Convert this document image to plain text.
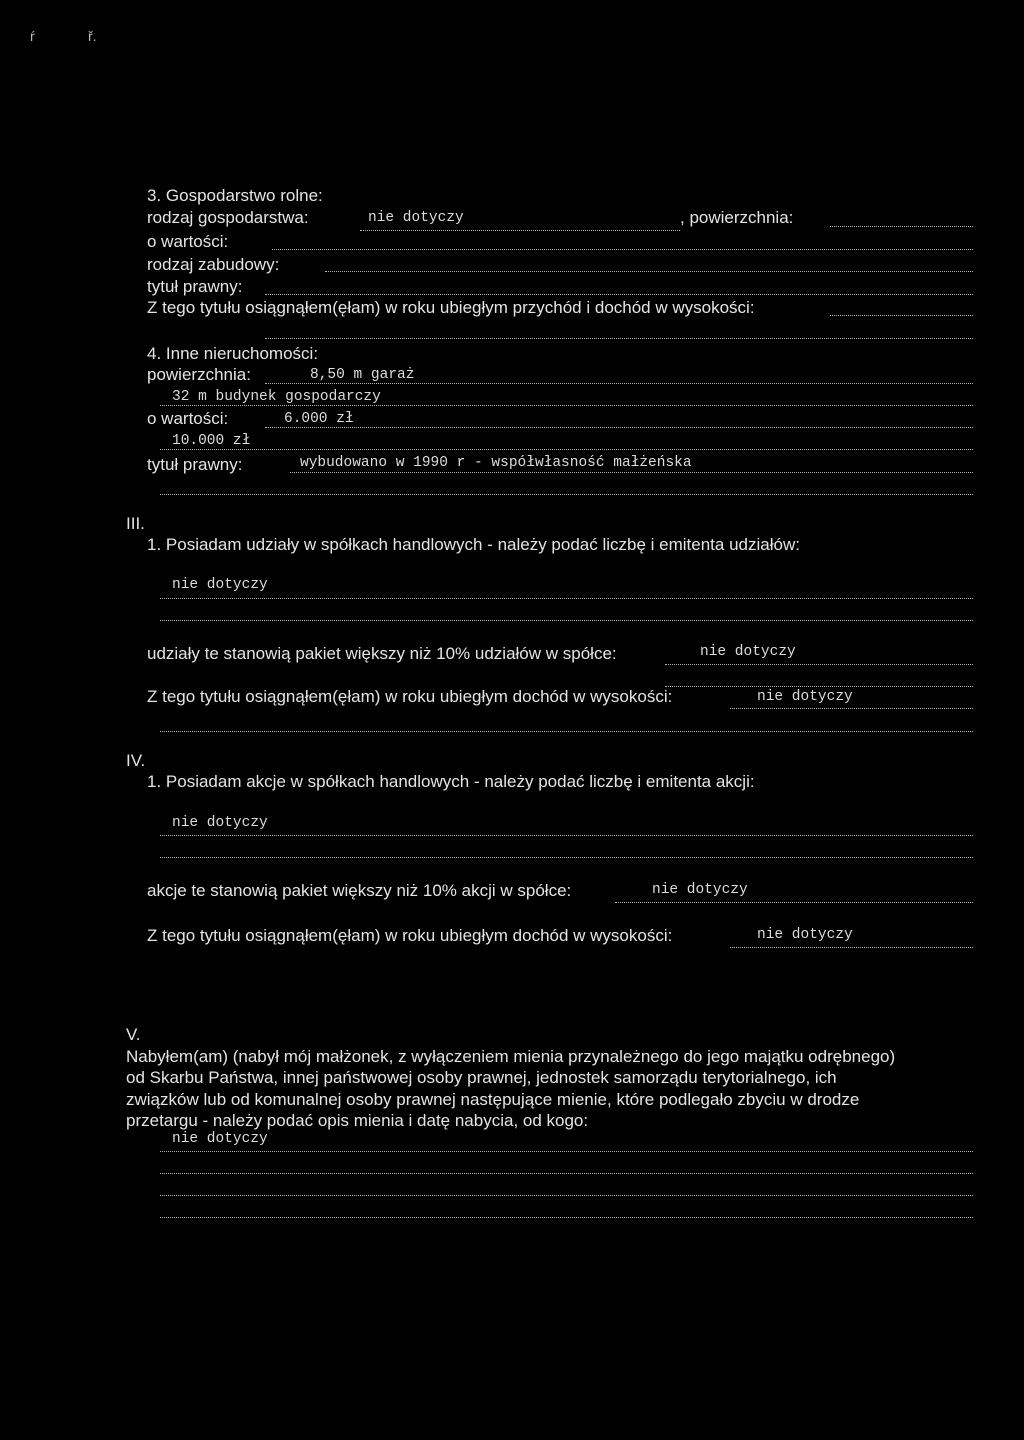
ŕ	ř.
3. Gospodarstwo rolne:
rodzaj gospodarstwa:	nie dotyczy	, powierzchnia:
o wartości:
rodzaj zabudowy:
tytuł prawny:
Z tego tytułu osiągnąłem(ęłam) w roku ubiegłym przychód i dochód w wysokości:
4. Inne nieruchomości:
powierzchnia:	8,50 m garaż
32 m budynek gospodarczy
o wartości:	6.000 zł
10.000 zł
tytuł prawny:	wybudowano w 1990 r - współwłasność małżeńska
III.
1. Posiadam udziały w spółkach handlowych - należy podać liczbę i emitenta udziałów:
nie dotyczy
udziały te stanowią pakiet większy niż 10% udziałów w spółce:	nie dotyczy
Z tego tytułu osiągnąłem(ęłam) w roku ubiegłym dochód w wysokości:	nie dotyczy
IV.
1. Posiadam akcje w spółkach handlowych - należy podać liczbę i emitenta akcji:
nie dotyczy
akcje te stanowią pakiet większy niż 10% akcji w spółce:	nie dotyczy
Z tego tytułu osiągnąłem(ęłam) w roku ubiegłym dochód w wysokości:	nie dotyczy
V.
Nabyłem(am) (nabył mój małżonek, z wyłączeniem mienia przynależnego do jego majątku odrębnego)
od Skarbu Państwa, innej państwowej osoby prawnej, jednostek samorządu terytorialnego, ich
związków lub od komunalnej osoby prawnej następujące mienie, które podlegało zbyciu w drodze
przetargu - należy podać opis mienia i datę nabycia, od kogo:
nie dotyczy
